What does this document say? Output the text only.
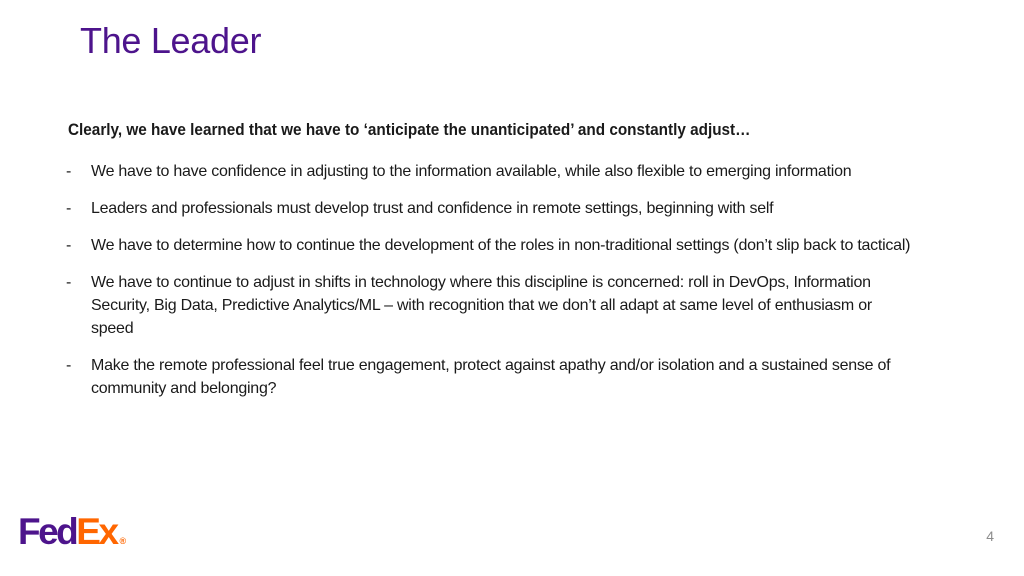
The Leader
Clearly, we have learned that we have to ‘anticipate the unanticipated’ and constantly adjust…
-	We have to have confidence in adjusting to the information available, while also flexible to emerging information
-	Leaders and professionals must develop trust and confidence in remote settings, beginning with self
-	We have to determine how to continue the development of the roles in non-traditional settings (don’t slip back to tactical)
-	We have to continue to adjust in shifts in technology where this discipline is concerned: roll in DevOps, Information Security, Big Data, Predictive Analytics/ML – with recognition that we don’t all adapt at same level of enthusiasm or speed
-	Make the remote professional feel true engagement, protect against apathy and/or isolation and a sustained sense of community and belonging?
FedEx ®	4
